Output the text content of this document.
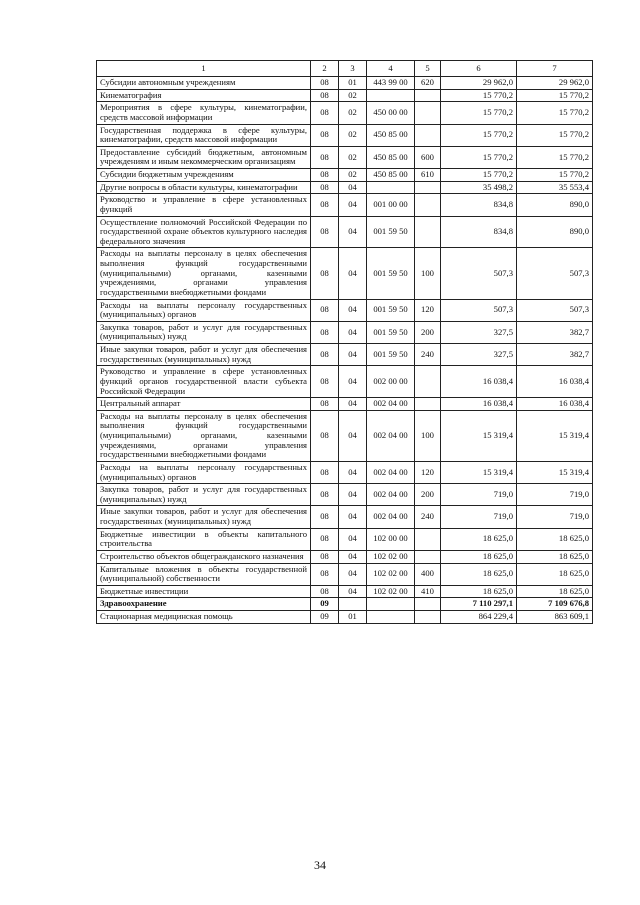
1	2	3	4	5	6	7
Субсидии автономным учреждениям	08	01	443 99 00	620	29 962,0	29 962,0
Кинематография	08	02			15 770,2	15 770,2
Мероприятия в сфере культуры, кинематографии, средств массовой информации	08	02	450 00 00		15 770,2	15 770,2
Государственная поддержка в сфере культуры, кинематографии, средств массовой информации	08	02	450 85 00		15 770,2	15 770,2
Предоставление субсидий бюджетным, автономным учреждениям и иным некоммерческим организациям	08	02	450 85 00	600	15 770,2	15 770,2
Субсидии бюджетным учреждениям	08	02	450 85 00	610	15 770,2	15 770,2
Другие вопросы в области культуры, кинематографии	08	04			35 498,2	35 553,4
Руководство и управление в сфере установленных функций	08	04	001 00 00		834,8	890,0
Осуществление полномочий Российской Федерации по государственной охране объектов культурного наследия федерального значения	08	04	001 59 50		834,8	890,0
Расходы на выплаты персоналу в целях обеспечения выполнения функций государственными (муниципальными) органами, казенными учреждениями, органами управления государственными внебюджетными фондами	08	04	001 59 50	100	507,3	507,3
Расходы на выплаты персоналу государственных (муниципальных) органов	08	04	001 59 50	120	507,3	507,3
Закупка товаров, работ и услуг для государственных (муниципальных) нужд	08	04	001 59 50	200	327,5	382,7
Иные закупки товаров, работ и услуг для обеспечения государственных (муниципальных) нужд	08	04	001 59 50	240	327,5	382,7
Руководство и управление в сфере установленных функций органов государственной власти субъекта Российской Федерации	08	04	002 00 00		16 038,4	16 038,4
Центральный аппарат	08	04	002 04 00		16 038,4	16 038,4
Расходы на выплаты персоналу в целях обеспечения выполнения функций государственными (муниципальными) органами, казенными учреждениями, органами управления государственными внебюджетными фондами	08	04	002 04 00	100	15 319,4	15 319,4
Расходы на выплаты персоналу государственных (муниципальных) органов	08	04	002 04 00	120	15 319,4	15 319,4
Закупка товаров, работ и услуг для государственных (муниципальных) нужд	08	04	002 04 00	200	719,0	719,0
Иные закупки товаров, работ и услуг для обеспечения государственных (муниципальных) нужд	08	04	002 04 00	240	719,0	719,0
Бюджетные инвестиции в объекты капитального строительства	08	04	102 00 00		18 625,0	18 625,0
Строительство объектов общегражданского назначения	08	04	102 02 00		18 625,0	18 625,0
Капитальные вложения в объекты государственной (муниципальной) собственности	08	04	102 02 00	400	18 625,0	18 625,0
Бюджетные инвестиции	08	04	102 02 00	410	18 625,0	18 625,0
Здравоохранение	09				7 110 297,1	7 109 676,8
Стационарная медицинская помощь	09	01			864 229,4	863 609,1
34
